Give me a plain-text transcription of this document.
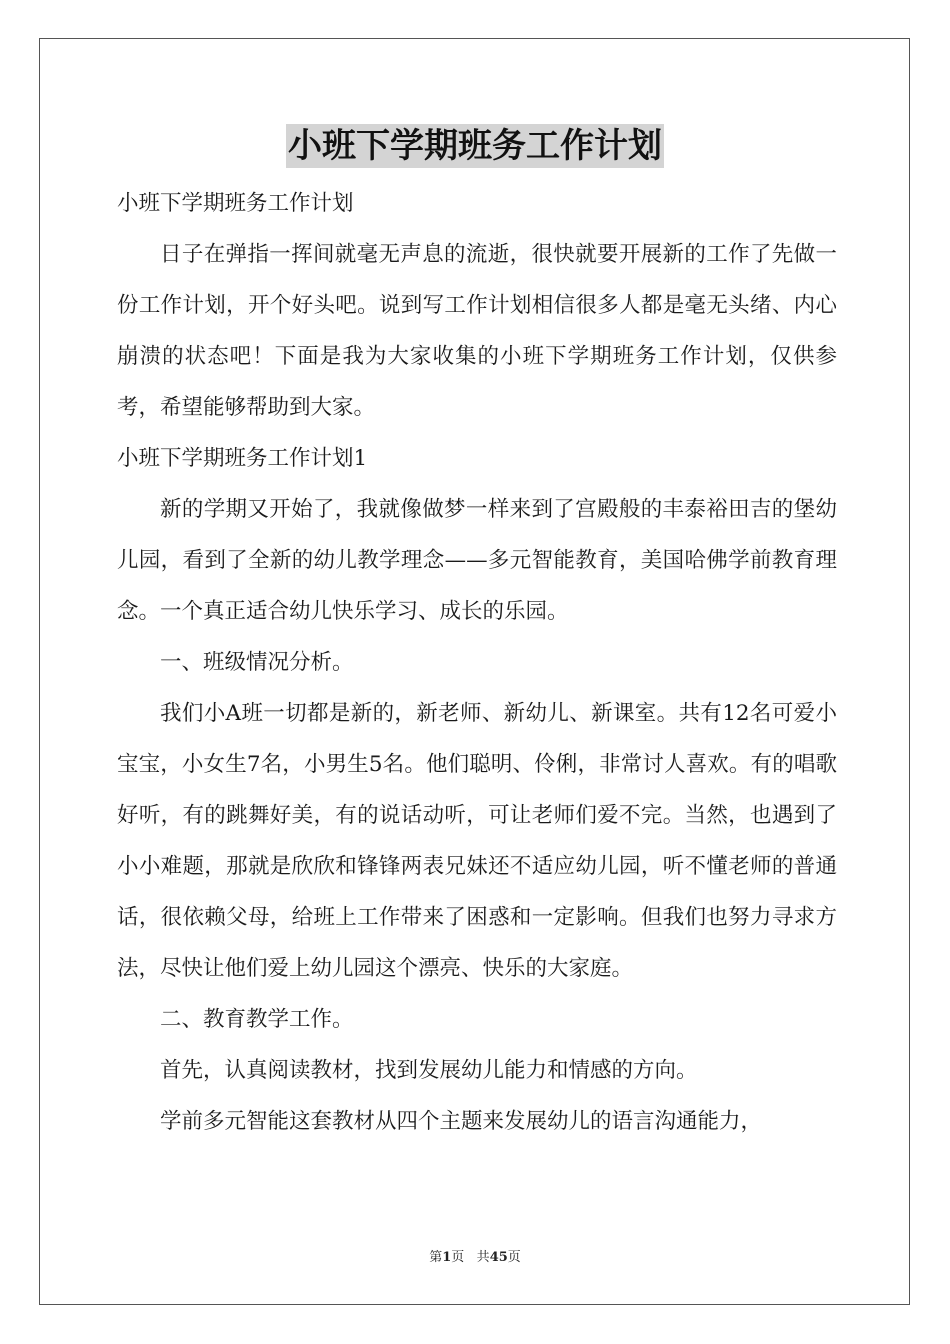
小班下学期班务工作计划

小班下学期班务工作计划

日子在弹指一挥间就毫无声息的流逝，很快就要开展新的工作了先做一份工作计划，开个好头吧。说到写工作计划相信很多人都是毫无头绪、内心崩溃的状态吧！下面是我为大家收集的小班下学期班务工作计划，仅供参考，希望能够帮助到大家。

小班下学期班务工作计划1

新的学期又开始了，我就像做梦一样来到了宫殿般的丰泰裕田吉的堡幼儿园，看到了全新的幼儿教学理念——多元智能教育，美国哈佛学前教育理念。一个真正适合幼儿快乐学习、成长的乐园。

一、班级情况分析。

我们小A班一切都是新的，新老师、新幼儿、新课室。共有12名可爱小宝宝，小女生7名，小男生5名。他们聪明、伶俐，非常讨人喜欢。有的唱歌好听，有的跳舞好美，有的说话动听，可让老师们爱不完。当然，也遇到了小小难题，那就是欣欣和锋锋两表兄妹还不适应幼儿园，听不懂老师的普通话，很依赖父母，给班上工作带来了困惑和一定影响。但我们也努力寻求方法，尽快让他们爱上幼儿园这个漂亮、快乐的大家庭。

二、教育教学工作。

首先，认真阅读教材，找到发展幼儿能力和情感的方向。

学前多元智能这套教材从四个主题来发展幼儿的语言沟通能力，

第1页 共45页
